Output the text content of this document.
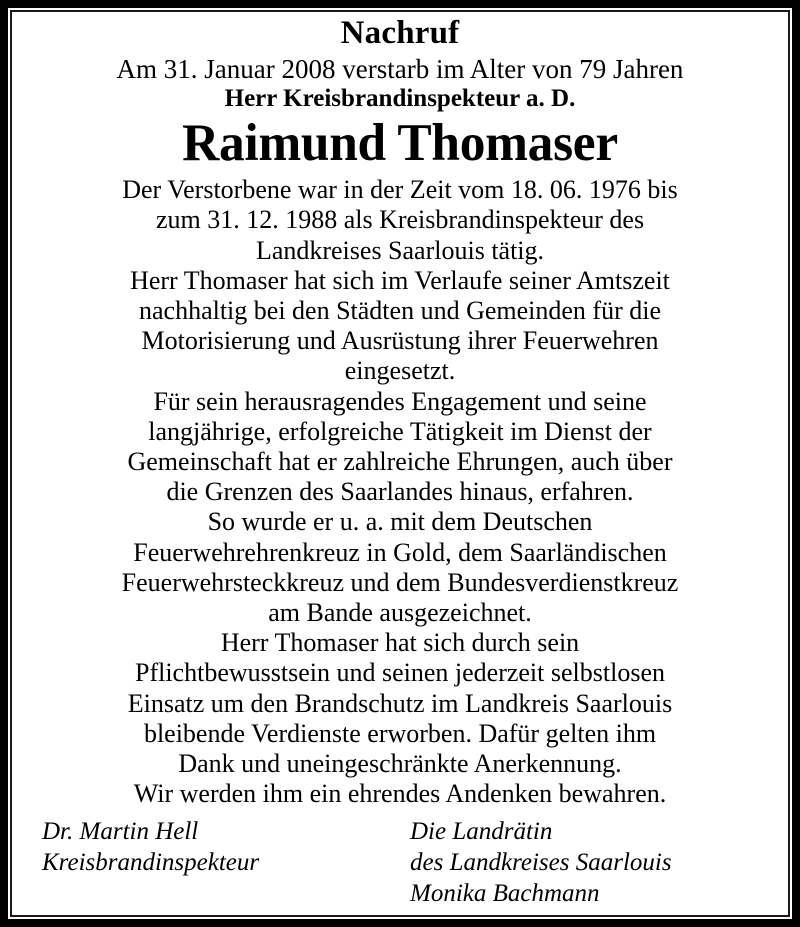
Nachruf
Am 31. Januar 2008 verstarb im Alter von 79 Jahren
Herr Kreisbrandinspekteur a. D.
Raimund Thomaser

Der Verstorbene war in der Zeit vom 18. 06. 1976 bis
zum 31. 12. 1988 als Kreisbrandinspekteur des
Landkreises Saarlouis tätig.
Herr Thomaser hat sich im Verlaufe seiner Amtszeit
nachhaltig bei den Städten und Gemeinden für die
Motorisierung und Ausrüstung ihrer Feuerwehren
eingesetzt.
Für sein herausragendes Engagement und seine
langjährige, erfolgreiche Tätigkeit im Dienst der
Gemeinschaft hat er zahlreiche Ehrungen, auch über
die Grenzen des Saarlandes hinaus, erfahren.
So wurde er u. a. mit dem Deutschen
Feuerwehrehrenkreuz in Gold, dem Saarländischen
Feuerwehrsteckkreuz und dem Bundesverdienstkreuz
am Bande ausgezeichnet.
Herr Thomaser hat sich durch sein
Pflichtbewusstsein und seinen jederzeit selbstlosen
Einsatz um den Brandschutz im Landkreis Saarlouis
bleibende Verdienste erworben. Dafür gelten ihm
Dank und uneingeschränkte Anerkennung.
Wir werden ihm ein ehrendes Andenken bewahren.

Dr. Martin Hell
Kreisbrandinspekteur
Die Landrätin
des Landkreises Saarlouis
Monika Bachmann
